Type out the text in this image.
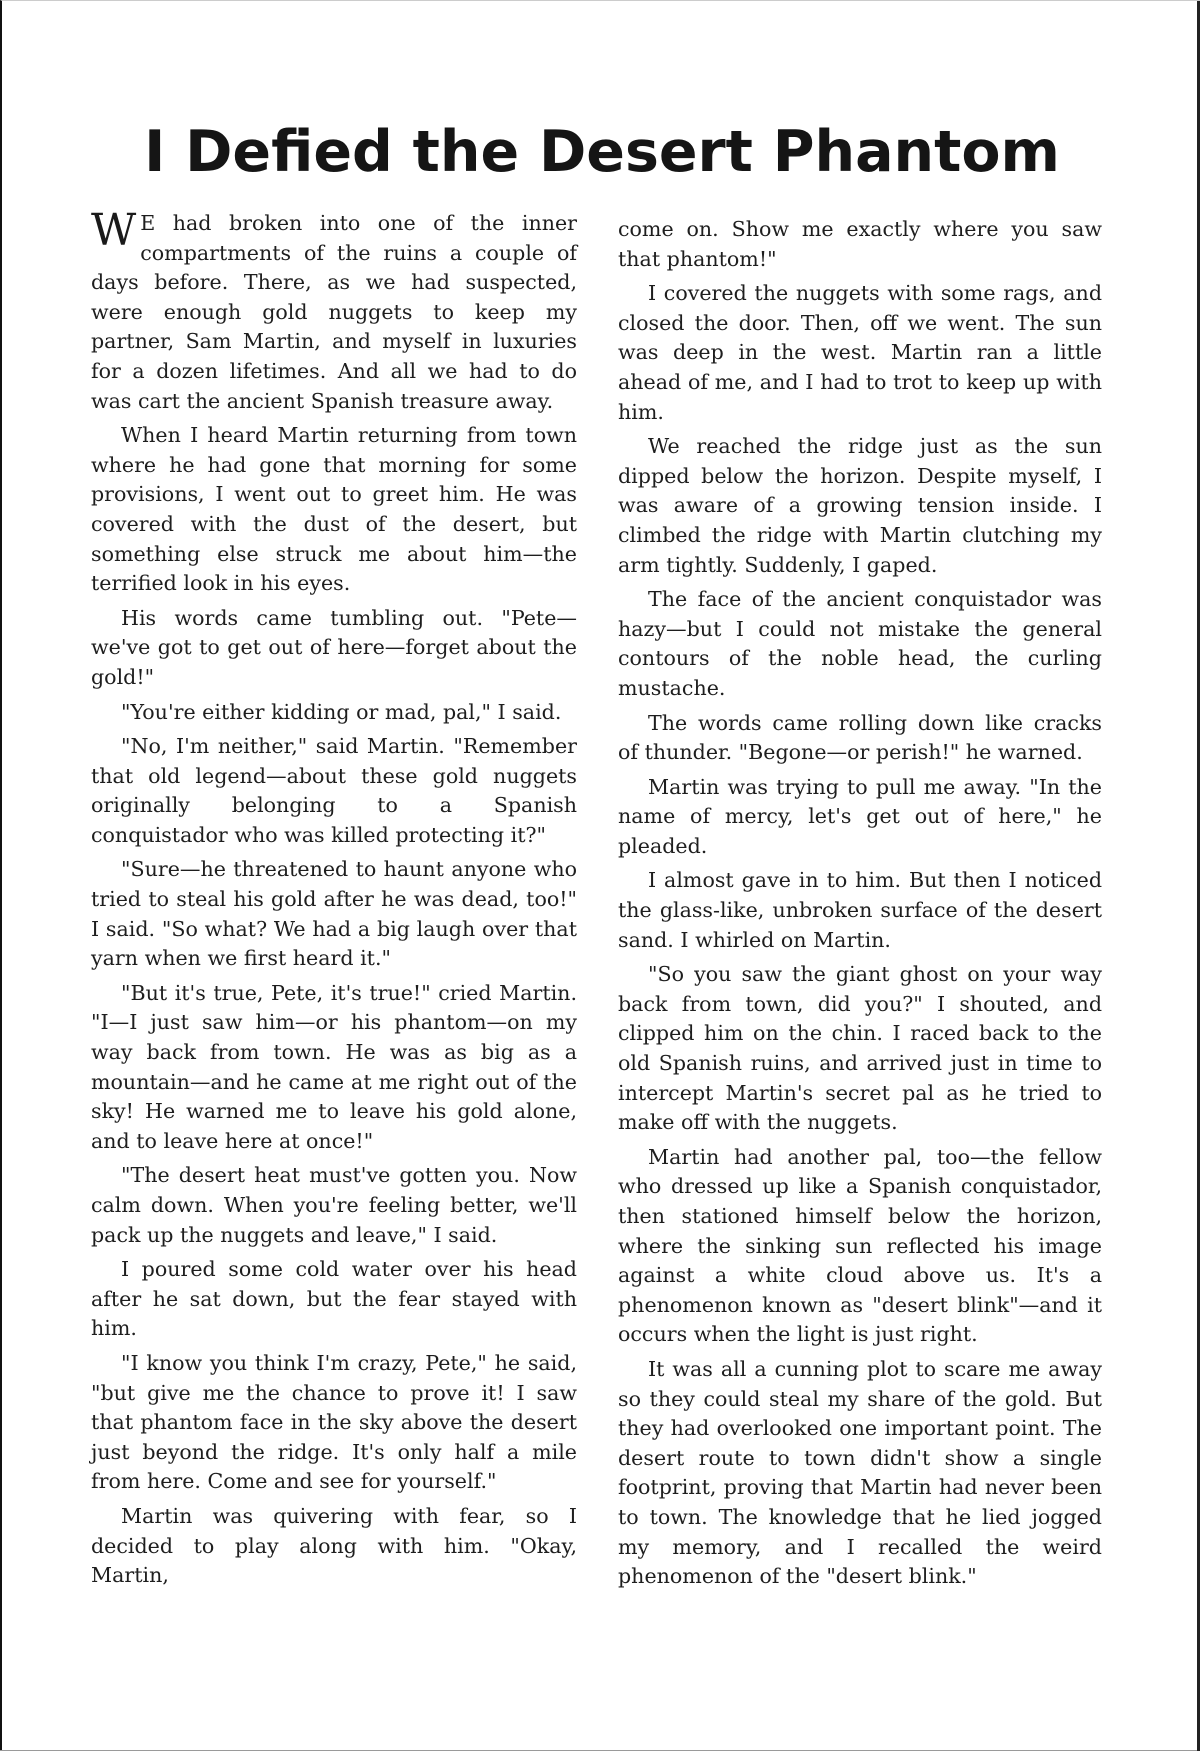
I Defied the Desert Phantom

W E had broken into one of the inner compartments of the ruins a couple of days before. There, as we had suspected, were enough gold nuggets to keep my partner, Sam Martin, and myself in luxuries for a dozen lifetimes. And all we had to do was cart the ancient Spanish treasure away.

When I heard Martin returning from town where he had gone that morning for some provisions, I went out to greet him. He was covered with the dust of the desert, but something else struck me about him—the terrified look in his eyes.

His words came tumbling out. "Pete—we've got to get out of here—forget about the gold!"

"You're either kidding or mad, pal," I said.

"No, I'm neither," said Martin. "Remember that old legend—about these gold nuggets originally belonging to a Spanish conquistador who was killed protecting it?"

"Sure—he threatened to haunt anyone who tried to steal his gold after he was dead, too!" I said. "So what? We had a big laugh over that yarn when we first heard it."

"But it's true, Pete, it's true!" cried Martin. "I—I just saw him—or his phantom—on my way back from town. He was as big as a mountain—and he came at me right out of the sky! He warned me to leave his gold alone, and to leave here at once!"

"The desert heat must've gotten you. Now calm down. When you're feeling better, we'll pack up the nuggets and leave," I said.

I poured some cold water over his head after he sat down, but the fear stayed with him.

"I know you think I'm crazy, Pete," he said, "but give me the chance to prove it! I saw that phantom face in the sky above the desert just beyond the ridge. It's only half a mile from here. Come and see for yourself."

Martin was quivering with fear, so I decided to play along with him. "Okay, Martin,

come on. Show me exactly where you saw that phantom!"

I covered the nuggets with some rags, and closed the door. Then, off we went. The sun was deep in the west. Martin ran a little ahead of me, and I had to trot to keep up with him.

We reached the ridge just as the sun dipped below the horizon. Despite myself, I was aware of a growing tension inside. I climbed the ridge with Martin clutching my arm tightly. Suddenly, I gaped.

The face of the ancient conquistador was hazy—but I could not mistake the general contours of the noble head, the curling mustache.

The words came rolling down like cracks of thunder. "Begone—or perish!" he warned.

Martin was trying to pull me away. "In the name of mercy, let's get out of here," he pleaded.

I almost gave in to him. But then I noticed the glass-like, unbroken surface of the desert sand. I whirled on Martin.

"So you saw the giant ghost on your way back from town, did you?" I shouted, and clipped him on the chin. I raced back to the old Spanish ruins, and arrived just in time to intercept Martin's secret pal as he tried to make off with the nuggets.

Martin had another pal, too—the fellow who dressed up like a Spanish conquistador, then stationed himself below the horizon, where the sinking sun reflected his image against a white cloud above us. It's a phenomenon known as "desert blink"—and it occurs when the light is just right.

It was all a cunning plot to scare me away so they could steal my share of the gold. But they had overlooked one important point. The desert route to town didn't show a single footprint, proving that Martin had never been to town. The knowledge that he lied jogged my memory, and I recalled the weird phenomenon of the "desert blink."
